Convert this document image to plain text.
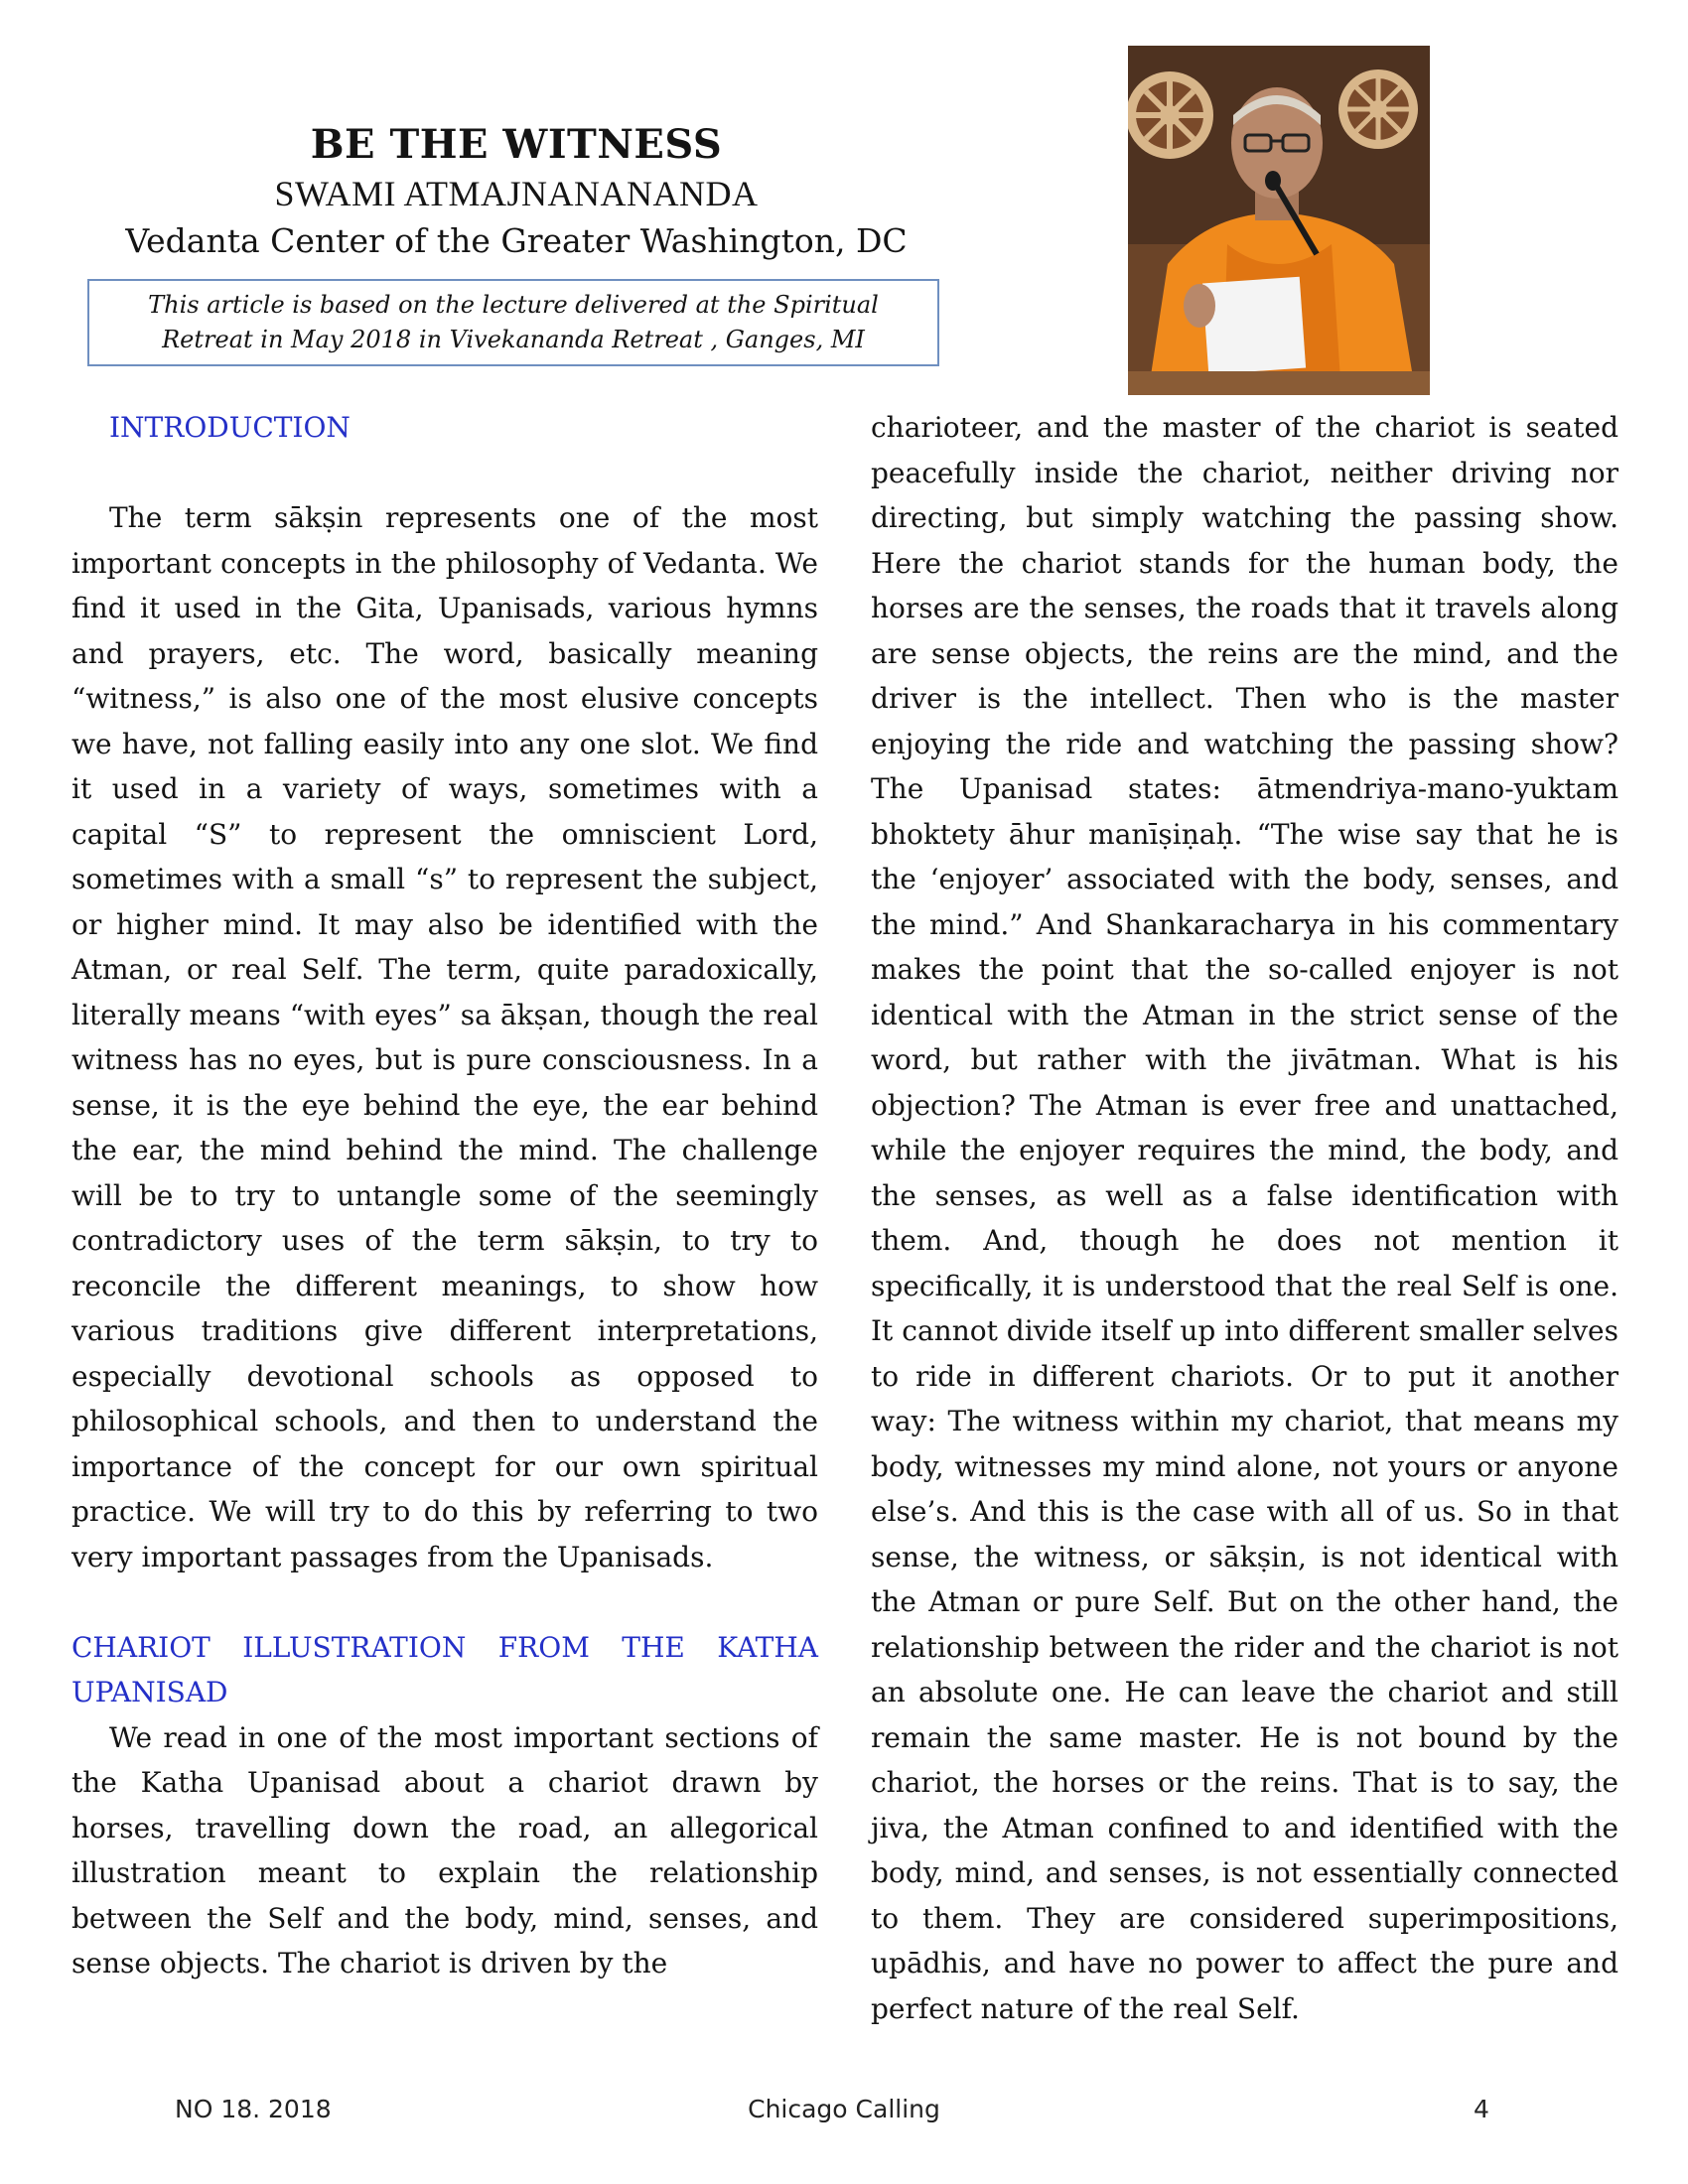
BE THE WITNESS
SWAMI ATMAJNANANANDA
Vedanta Center of the Greater Washington, DC

This article is based on the lecture delivered at the Spiritual
Retreat in May 2018 in Vivekananda Retreat , Ganges, MI

INTRODUCTION

The term sākṣin represents one of the most important concepts in the philosophy of Vedanta. We find it used in the Gita, Upanisads, various hymns and prayers, etc. The word, basically meaning “witness,” is also one of the most elusive concepts we have, not falling easily into any one slot. We find it used in a variety of ways, sometimes with a capital “S” to represent the omniscient Lord, sometimes with a small “s” to represent the subject, or higher mind. It may also be identified with the Atman, or real Self. The term, quite paradoxically, literally means “with eyes” sa ākṣan, though the real witness has no eyes, but is pure consciousness. In a sense, it is the eye behind the eye, the ear behind the ear, the mind behind the mind. The challenge will be to try to untangle some of the seemingly contradictory uses of the term sākṣin, to try to reconcile the different meanings, to show how various traditions give different interpretations, especially devotional schools as opposed to philosophical schools, and then to understand the importance of the concept for our own spiritual practice. We will try to do this by referring to two very important passages from the Upanisads.

CHARIOT ILLUSTRATION FROM THE KATHA UPANISAD

We read in one of the most important sections of the Katha Upanisad about a chariot drawn by horses, travelling down the road, an allegorical illustration meant to explain the relationship between the Self and the body, mind, senses, and sense objects. The chariot is driven by the

charioteer, and the master of the chariot is seated peacefully inside the chariot, neither driving nor directing, but simply watching the passing show. Here the chariot stands for the human body, the horses are the senses, the roads that it travels along are sense objects, the reins are the mind, and the driver is the intellect. Then who is the master enjoying the ride and watching the passing show? The Upanisad states: ātmendriya-mano-yuktam bhoktety āhur manīṣiṇaḥ. “The wise say that he is the ‘enjoyer’ associated with the body, senses, and the mind.” And Shankaracharya in his commentary makes the point that the so-called enjoyer is not identical with the Atman in the strict sense of the word, but rather with the jivātman. What is his objection? The Atman is ever free and unattached, while the enjoyer requires the mind, the body, and the senses, as well as a false identification with them. And, though he does not mention it specifically, it is understood that the real Self is one. It cannot divide itself up into different smaller selves to ride in different chariots. Or to put it another way: The witness within my chariot, that means my body, witnesses my mind alone, not yours or anyone else’s. And this is the case with all of us. So in that sense, the witness, or sākṣin, is not identical with the Atman or pure Self. But on the other hand, the relationship between the rider and the chariot is not an absolute one. He can leave the chariot and still remain the same master. He is not bound by the chariot, the horses or the reins. That is to say, the jiva, the Atman confined to and identified with the body, mind, and senses, is not essentially connected to them. They are considered superimpositions, upādhis, and have no power to affect the pure and perfect nature of the real Self.

NO 18. 2018	Chicago Calling	4
